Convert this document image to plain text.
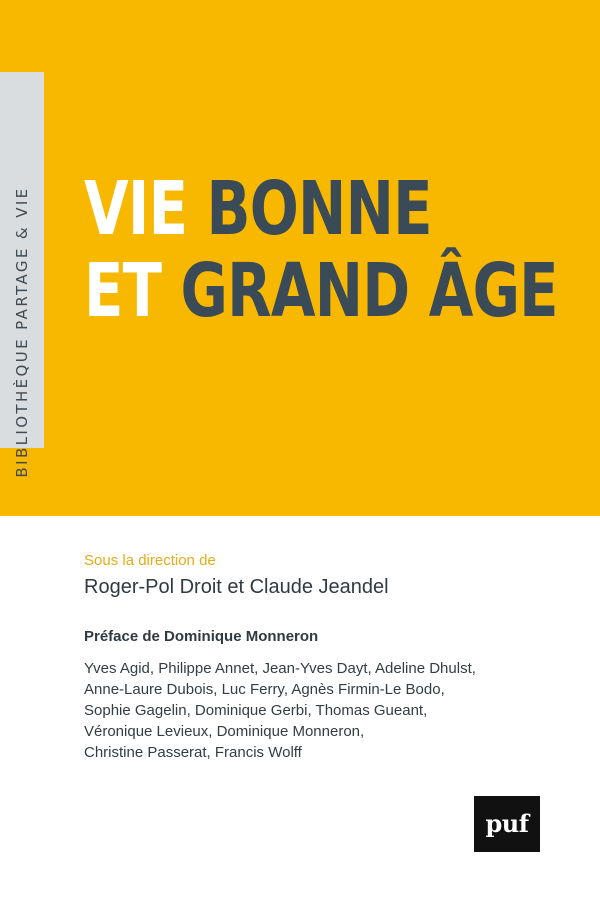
BIBLIOTHÈQUE PARTAGE & VIE VIE BONNE
ET GRAND ÂGE
Sous la direction de
Roger-Pol Droit et Claude Jeandel
Préface de Dominique Monneron
Yves Agid, Philippe Annet, Jean-Yves Dayt, Adeline Dhulst,
Anne-Laure Dubois, Luc Ferry, Agnès Firmin-Le Bodo,
Sophie Gagelin, Dominique Gerbi, Thomas Gueant,
Véronique Levieux, Dominique Monneron,
Christine Passerat, Francis Wolff
puf
